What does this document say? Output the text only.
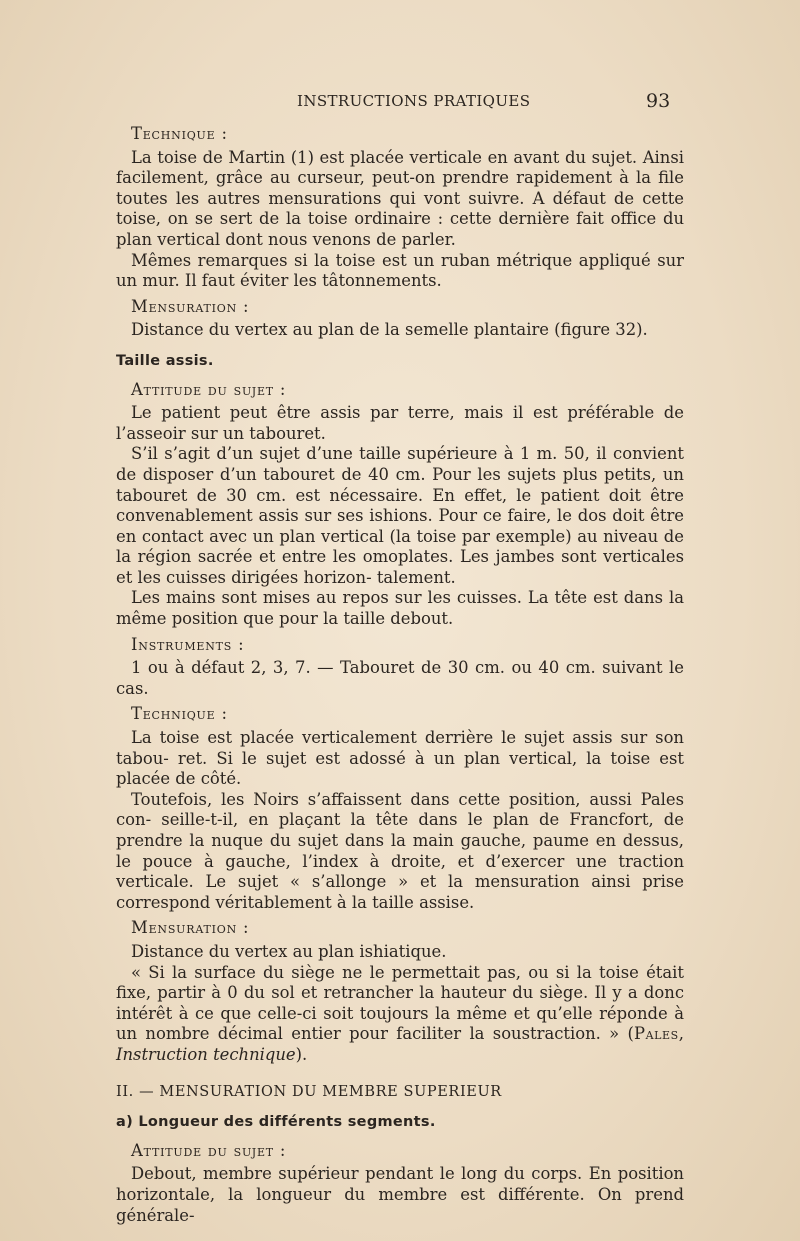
INSTRUCTIONS PRATIQUES	93

Technique :

La toise de Martin (1) est placée verticale en avant du sujet. Ainsi facilement, grâce au curseur, peut-on prendre rapidement à la file toutes les autres mensurations qui vont suivre. A défaut de cette toise, on se sert de la toise ordinaire : cette dernière fait office du plan vertical dont nous venons de parler.

Mêmes remarques si la toise est un ruban métrique appliqué sur un mur. Il faut éviter les tâtonnements.

Mensuration :

Distance du vertex au plan de la semelle plantaire (figure 32).

Taille assis.

Attitude du sujet :

Le patient peut être assis par terre, mais il est préférable de l’asseoir sur un tabouret.

S’il s’agit d’un sujet d’une taille supérieure à 1 m. 50, il convient de disposer d’un tabouret de 40 cm. Pour les sujets plus petits, un tabouret de 30 cm. est nécessaire. En effet, le patient doit être convenablement assis sur ses ishions. Pour ce faire, le dos doit être en contact avec un plan vertical (la toise par exemple) au niveau de la région sacrée et entre les omoplates. Les jambes sont verticales et les cuisses dirigées horizon- talement.

Les mains sont mises au repos sur les cuisses. La tête est dans la même position que pour la taille debout.

Instruments :

1 ou à défaut 2, 3, 7. — Tabouret de 30 cm. ou 40 cm. suivant le cas.

Technique :

La toise est placée verticalement derrière le sujet assis sur son tabou- ret. Si le sujet est adossé à un plan vertical, la toise est placée de côté.

Toutefois, les Noirs s’affaissent dans cette position, aussi Pales con- seille-t-il, en plaçant la tête dans le plan de Francfort, de prendre la nuque du sujet dans la main gauche, paume en dessus, le pouce à gauche, l’index à droite, et d’exercer une traction verticale. Le sujet « s’allonge » et la mensuration ainsi prise correspond véritablement à la taille assise.

Mensuration :

Distance du vertex au plan ishiatique.

« Si la surface du siège ne le permettait pas, ou si la toise était fixe, partir à 0 du sol et retrancher la hauteur du siège. Il y a donc intérêt à ce que celle-ci soit toujours la même et qu’elle réponde à un nombre décimal entier pour faciliter la soustraction. » (Pales, Instruction technique).

II. — MENSURATION DU MEMBRE SUPERIEUR

a) Longueur des différents segments.

Attitude du sujet :

Debout, membre supérieur pendant le long du corps. En position horizontale, la longueur du membre est différente. On prend générale-
